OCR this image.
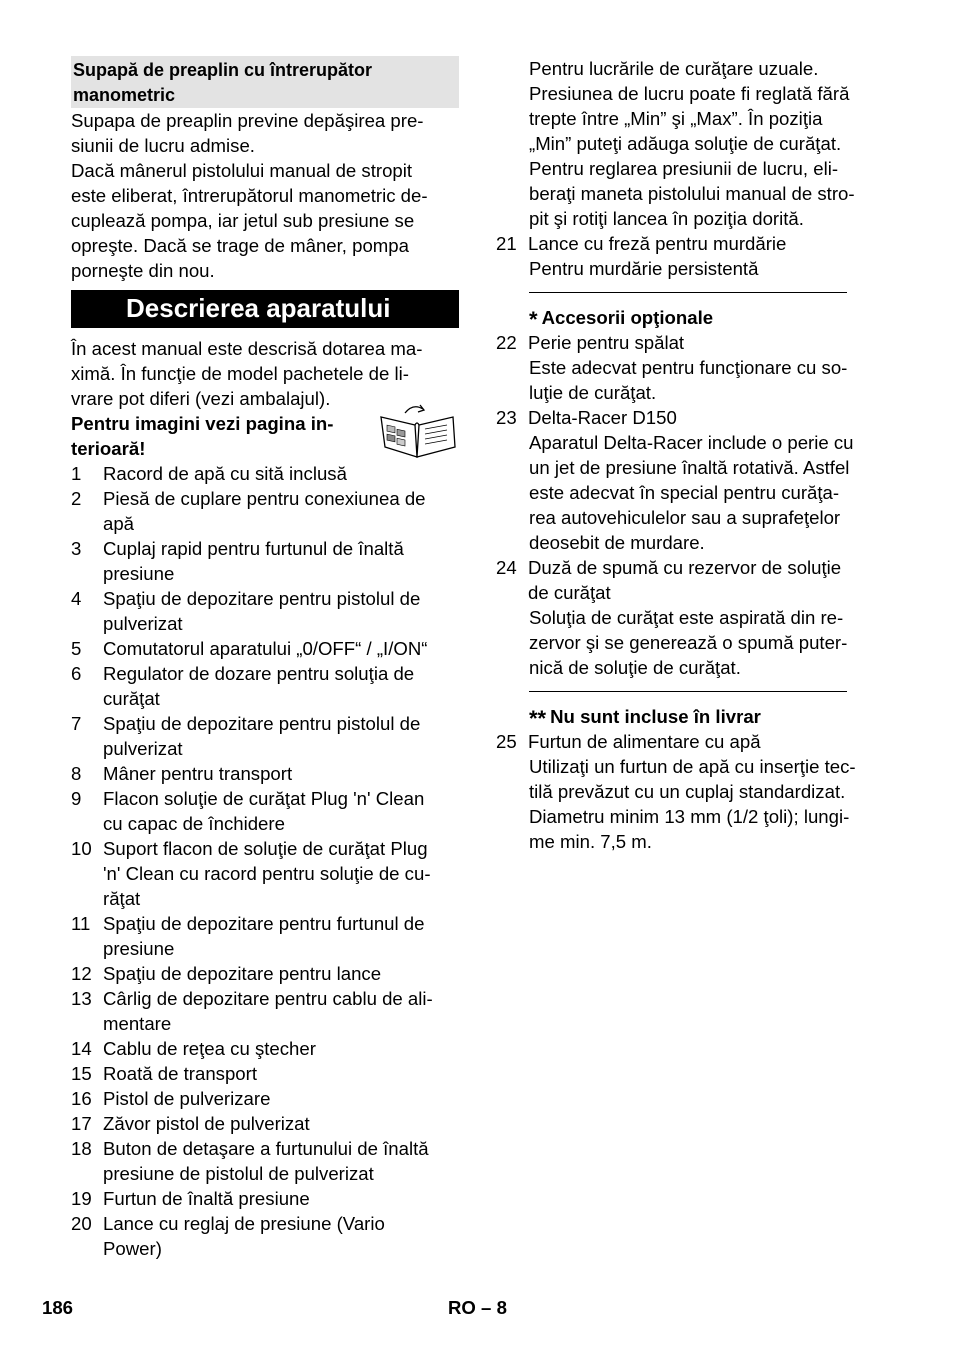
Supapă de preaplin cu întrerupător
manometric

Supapa de preaplin previne depăşirea pre-
siunii de lucru admise.

Dacă mânerul pistolului manual de stropit
este eliberat, întrerupătorul manometric de-
cuplează pompa, iar jetul sub presiune se
opreşte. Dacă se trage de mâner, pompa
porneşte din nou.

Descrierea aparatului

În acest manual este descrisă dotarea ma-
ximă. În funcţie de model pachetele de li-
vrare pot diferi (vezi ambalajul).

Pentru imagini vezi pagina in-
terioară!
1	Racord de apă cu sită inclusă
2	Piesă de cuplare pentru conexiunea de
apă
3	Cuplaj rapid pentru furtunul de înaltă
presiune
4	Spaţiu de depozitare pentru pistolul de
pulverizat
5	Comutatorul aparatului „0/OFF“ / „I/ON“
6	Regulator de dozare pentru soluţia de
curăţat
7	Spaţiu de depozitare pentru pistolul de
pulverizat
8	Mâner pentru transport
9	Flacon soluţie de curăţat Plug 'n' Clean
cu capac de închidere
10 Suport flacon de soluţie de curăţat Plug
'n' Clean cu racord pentru soluţie de cu-
răţat
11 Spaţiu de depozitare pentru furtunul de
presiune
12 Spaţiu de depozitare pentru lance
13 Cârlig de depozitare pentru cablu de ali-
mentare
14 Cablu de reţea cu ştecher
15 Roată de transport
16 Pistol de pulverizare
17 Zăvor pistol de pulverizat
18 Buton de detaşare a furtunului de înaltă
presiune de pistolul de pulverizat
19 Furtun de înaltă presiune
20 Lance cu reglaj de presiune (Vario
Power)
Pentru lucrările de curăţare uzuale.
Presiunea de lucru poate fi reglată fără
trepte între „Min” şi „Max”. În poziţia
„Min” puteţi adăuga soluţie de curăţat.
Pentru reglarea presiunii de lucru, eli-
beraţi maneta pistolului manual de stro-
pit şi rotiţi lancea în poziţia dorită.
21 Lance cu freză pentru murdărie
Pentru murdărie persistentă
* Accesorii opţionale
22 Perie pentru spălat
Este adecvat pentru funcţionare cu so-
luţie de curăţat.
23 Delta-Racer D150
Aparatul Delta-Racer include o perie cu
un jet de presiune înaltă rotativă. Astfel
este adecvat în special pentru curăţa-
rea autovehiculelor sau a suprafeţelor
deosebit de murdare.
24 Duză de spumă cu rezervor de soluţie
de curăţat
Soluţia de curăţat este aspirată din re-
zervor şi se generează o spumă puter-
nică de soluţie de curăţat.
** Nu sunt incluse în livrar
25 Furtun de alimentare cu apă
Utilizaţi un furtun de apă cu inserţie tec-
tilă prevăzut cu un cuplaj standardizat.
Diametru minim 13 mm (1/2 ţoli); lungi-
me min. 7,5 m.
186	RO – 8
